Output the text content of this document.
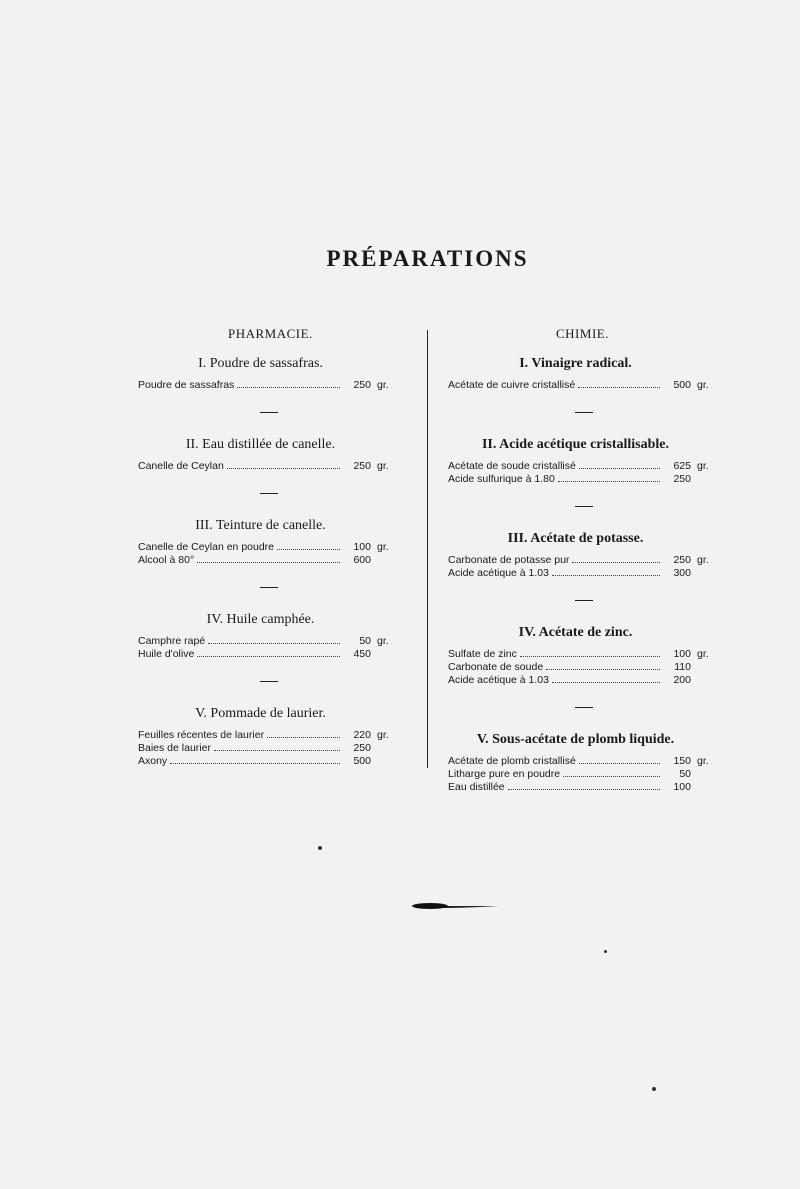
PRÉPARATIONS
PHARMACIE.	CHIMIE.
I. Poudre de sassafras.
Poudre de sassafras	250 gr.
II. Eau distillée de canelle.
Canelle de Ceylan	250 gr.
III. Teinture de canelle.
Canelle de Ceylan en poudre	100 gr.
Alcool à 80°	600
IV. Huile camphée.
Camphre rapé	50 gr.
Huile d'olive	450
V. Pommade de laurier.
Feuilles récentes de laurier	220 gr.
Baies de laurier	250
Axony	500
I. Vinaigre radical.
Acétate de cuivre cristallisé	500 gr.
II. Acide acétique cristallisable.
Acétate de soude cristallisé	625 gr.
Acide sulfurique à 1.80	250
III. Acétate de potasse.
Carbonate de potasse pur	250 gr.
Acide acétique à 1.03	300
IV. Acétate de zinc.
Sulfate de zinc	100 gr.
Carbonate de soude	110
Acide acétique à 1.03	200
V. Sous-acétate de plomb liquide.
Acétate de plomb cristallisé	150 gr.
Litharge pure en poudre	50
Eau distillée	100
